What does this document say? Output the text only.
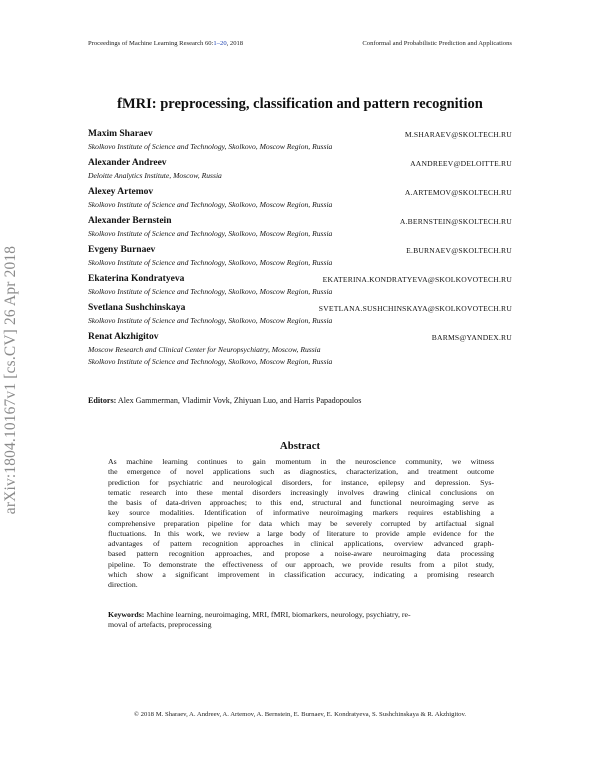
Proceedings of Machine Learning Research 60:1–20, 2018	Conformal and Probabilistic Prediction and Applications
arXiv:1804.10167v1 [cs.CV] 26 Apr 2018
fMRI: preprocessing, classification and pattern recognition
Maxim Sharaev	M.SHARAEV@SKOLTECH.RU
Skolkovo Institute of Science and Technology, Skolkovo, Moscow Region, Russia
Alexander Andreev	AANDREEV@DELOITTE.RU
Deloitte Analytics Institute, Moscow, Russia
Alexey Artemov	A.ARTEMOV@SKOLTECH.RU
Skolkovo Institute of Science and Technology, Skolkovo, Moscow Region, Russia
Alexander Bernstein	A.BERNSTEIN@SKOLTECH.RU
Skolkovo Institute of Science and Technology, Skolkovo, Moscow Region, Russia
Evgeny Burnaev	E.BURNAEV@SKOLTECH.RU
Skolkovo Institute of Science and Technology, Skolkovo, Moscow Region, Russia
Ekaterina Kondratyeva	EKATERINA.KONDRATYEVA@SKOLKOVOTECH.RU
Skolkovo Institute of Science and Technology, Skolkovo, Moscow Region, Russia
Svetlana Sushchinskaya	SVETLANA.SUSHCHINSKAYA@SKOLKOVOTECH.RU
Skolkovo Institute of Science and Technology, Skolkovo, Moscow Region, Russia
Renat Akzhigitov	BARMS@YANDEX.RU
Moscow Research and Clinical Center for Neuropsychiatry, Moscow, Russia
Skolkovo Institute of Science and Technology, Skolkovo, Moscow Region, Russia
Editors: Alex Gammerman, Vladimir Vovk, Zhiyuan Luo, and Harris Papadopoulos
Abstract
As machine learning continues to gain momentum in the neuroscience community, we witness
the emergence of novel applications such as diagnostics, characterization, and treatment outcome
prediction for psychiatric and neurological disorders, for instance, epilepsy and depression. Sys-
tematic research into these mental disorders increasingly involves drawing clinical conclusions on
the basis of data-driven approaches; to this end, structural and functional neuroimaging serve as
key source modalities. Identification of informative neuroimaging markers requires establishing a
comprehensive preparation pipeline for data which may be severely corrupted by artifactual signal
fluctuations. In this work, we review a large body of literature to provide ample evidence for the
advantages of pattern recognition approaches in clinical applications, overview advanced graph-
based pattern recognition approaches, and propose a noise-aware neuroimaging data processing
pipeline. To demonstrate the effectiveness of our approach, we provide results from a pilot study,
which show a significant improvement in classification accuracy, indicating a promising research
direction.
Keywords: Machine learning, neuroimaging, MRI, fMRI, biomarkers, neurology, psychiatry, re-
moval of artefacts, preprocessing
© 2018 M. Sharaev, A. Andreev, A. Artemov, A. Bernstein, E. Burnaev, E. Kondratyeva, S. Sushchinskaya & R. Akzhigitov.
